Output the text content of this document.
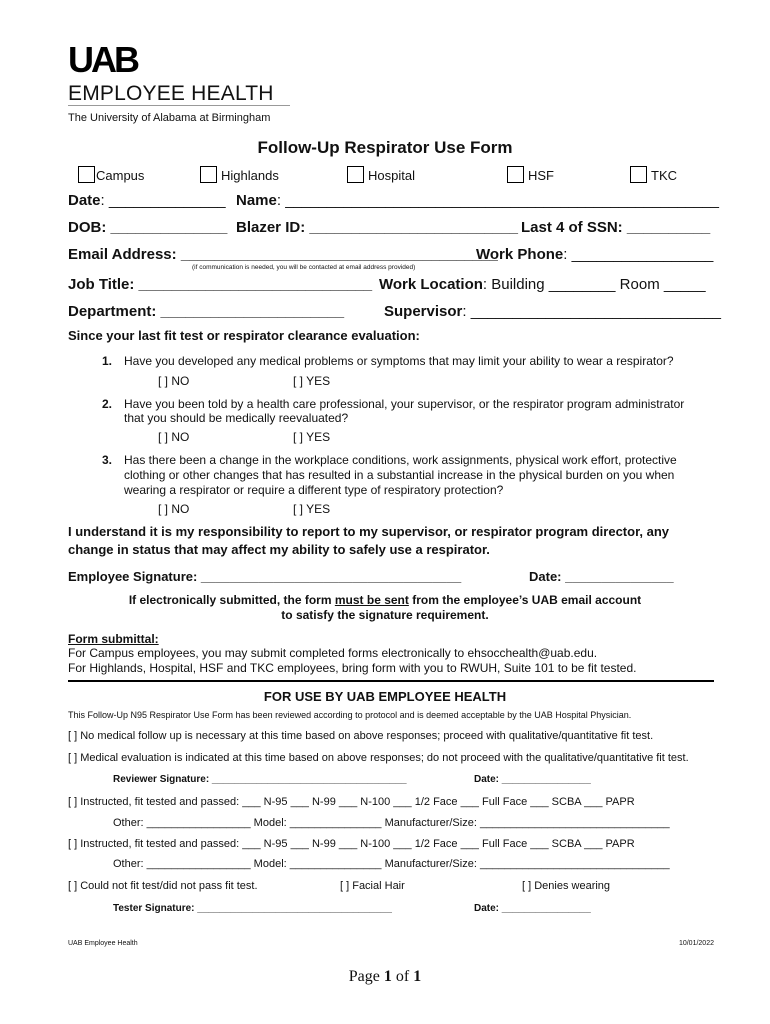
UAB
EMPLOYEE HEALTH
The University of Alabama at Birmingham
Follow-Up Respirator Use Form
Campus	Highlands	Hospital	HSF	TKC
Date: ______________ Name: ____________________________________________________
DOB: ______________ Blazer ID: _________________________ Last 4 of SSN: __________
Email Address: ______________________________________
Work Phone: _________________
(if communication is needed, you will be contacted at email address provided)
Job Title: ____________________________ Work Location: Building ________ Room _____
Department: ______________________	Supervisor: ______________________________
Since your last fit test or respirator clearance evaluation:
1. Have you developed any medical problems or symptoms that may limit your ability to wear a respirator?
[ ] NO	[ ] YES
2. Have you been told by a health care professional, your supervisor, or the respirator program administrator
that you should be medically reevaluated?
[ ] NO	[ ] YES
3. Has there been a change in the workplace conditions, work assignments, physical work effort, protective
clothing or other changes that has resulted in a substantial increase in the physical burden on you when
wearing a respirator or require a different type of respiratory protection?
[ ] NO	[ ] YES
I understand it is my responsibility to report to my supervisor, or respirator program director, any
change in status that may affect my ability to safely use a respirator.
Employee Signature: ____________________________________	Date: _______________
If electronically submitted, the form must be sent from the employee’s UAB email account
to satisfy the signature requirement.
Form submittal:
For Campus employees, you may submit completed forms electronically to ehsocchealth@uab.edu.
For Highlands, Hospital, HSF and TKC employees, bring form with you to RWUH, Suite 101 to be fit tested.
FOR USE BY UAB EMPLOYEE HEALTH
This Follow-Up N95 Respirator Use Form has been reviewed according to protocol and is deemed acceptable by the UAB Hospital Physician.
[ ] No medical follow up is necessary at this time based on above responses; proceed with qualitative/quantitative fit test.
[ ] Medical evaluation is indicated at this time based on above responses; do not proceed with the qualitative/quantitative fit test.
Reviewer Signature: ___________________________________	Date: ________________
[ ] Instructed, fit tested and passed: ___ N-95 ___ N-99 ___ N-100 ___ 1/2 Face ___ Full Face ___ SCBA ___ PAPR
Other: _________________ Model: _______________ Manufacturer/Size: _______________________________
[ ] Instructed, fit tested and passed: ___ N-95 ___ N-99 ___ N-100 ___ 1/2 Face ___ Full Face ___ SCBA ___ PAPR
Other: _________________ Model: _______________ Manufacturer/Size: _______________________________
[ ] Could not fit test/did not pass fit test.	[ ] Facial Hair	[ ] Denies wearing
Tester Signature: ___________________________________	Date: ________________
UAB Employee Health	10/01/2022
Page 1 of 1
